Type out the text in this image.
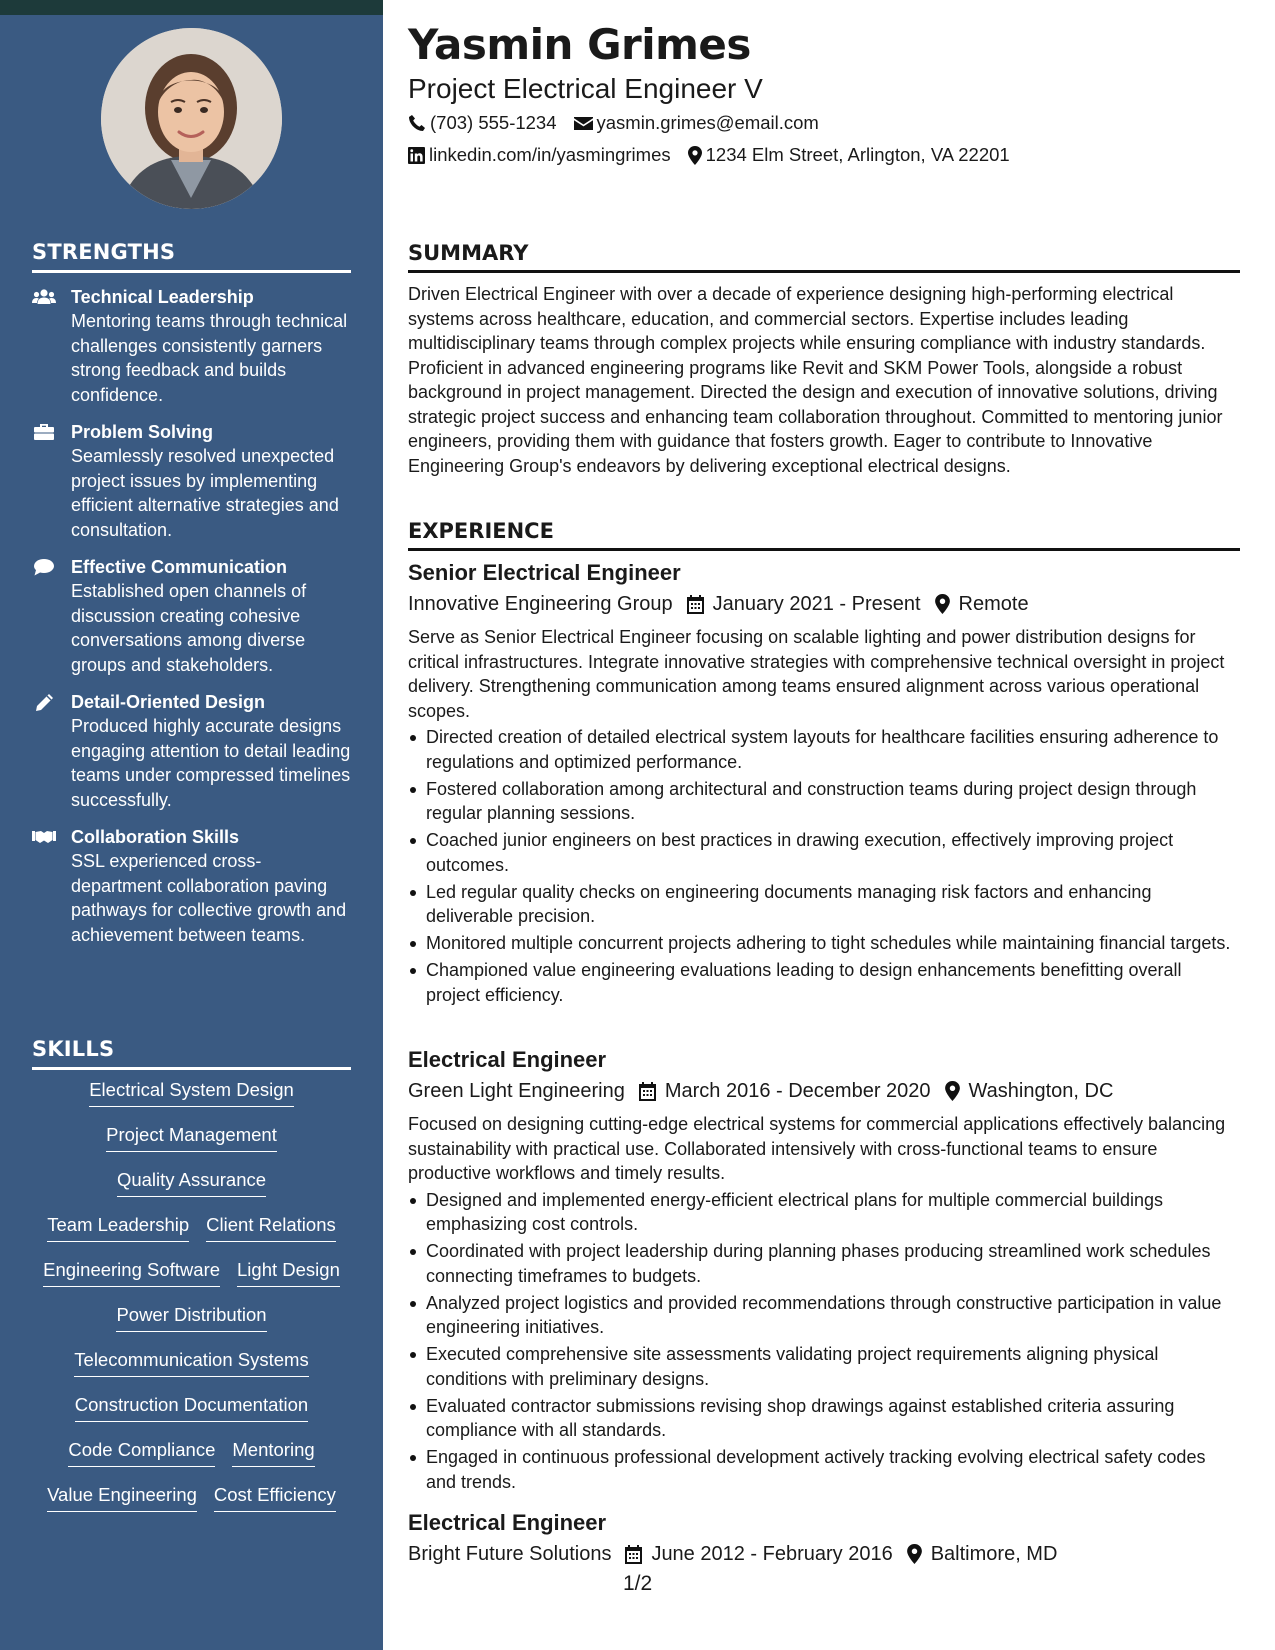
STRENGTHS
Technical Leadership
Mentoring teams through technical challenges consistently garners strong feedback and builds confidence.
Problem Solving
Seamlessly resolved unexpected project issues by implementing efficient alternative strategies and consultation.
Effective Communication
Established open channels of discussion creating cohesive conversations among diverse groups and stakeholders.
Detail-Oriented Design
Produced highly accurate designs engaging attention to detail leading teams under compressed timelines successfully.
Collaboration Skills
SSL experienced cross-department collaboration paving pathways for collective growth and achievement between teams.
SKILLS
Electrical System Design
Project Management
Quality Assurance
Team Leadership Client Relations
Engineering Software Light Design
Power Distribution
Telecommunication Systems
Construction Documentation
Code Compliance Mentoring
Value Engineering Cost Efficiency
Yasmin Grimes
Project Electrical Engineer V
(703) 555-1234 yasmin.grimes@email.com
linkedin.com/in/yasmingrimes 1234 Elm Street, Arlington, VA 22201
SUMMARY
Driven Electrical Engineer with over a decade of experience designing high-performing electrical systems across healthcare, education, and commercial sectors. Expertise includes leading multidisciplinary teams through complex projects while ensuring compliance with industry standards. Proficient in advanced engineering programs like Revit and SKM Power Tools, alongside a robust background in project management. Directed the design and execution of innovative solutions, driving strategic project success and enhancing team collaboration throughout. Committed to mentoring junior engineers, providing them with guidance that fosters growth. Eager to contribute to Innovative Engineering Group's endeavors by delivering exceptional electrical designs.
EXPERIENCE
Senior Electrical Engineer
Innovative Engineering Group January 2021 - Present Remote
Serve as Senior Electrical Engineer focusing on scalable lighting and power distribution designs for critical infrastructures. Integrate innovative strategies with comprehensive technical oversight in project delivery. Strengthening communication among teams ensured alignment across various operational scopes.
Directed creation of detailed electrical system layouts for healthcare facilities ensuring adherence to regulations and optimized performance.
Fostered collaboration among architectural and construction teams during project design through regular planning sessions.
Coached junior engineers on best practices in drawing execution, effectively improving project outcomes.
Led regular quality checks on engineering documents managing risk factors and enhancing deliverable precision.
Monitored multiple concurrent projects adhering to tight schedules while maintaining financial targets.
Championed value engineering evaluations leading to design enhancements benefitting overall project efficiency.
Electrical Engineer
Green Light Engineering March 2016 - December 2020 Washington, DC
Focused on designing cutting-edge electrical systems for commercial applications effectively balancing sustainability with practical use. Collaborated intensively with cross-functional teams to ensure productive workflows and timely results.
Designed and implemented energy-efficient electrical plans for multiple commercial buildings emphasizing cost controls.
Coordinated with project leadership during planning phases producing streamlined work schedules connecting timeframes to budgets.
Analyzed project logistics and provided recommendations through constructive participation in value engineering initiatives.
Executed comprehensive site assessments validating project requirements aligning physical conditions with preliminary designs.
Evaluated contractor submissions revising shop drawings against established criteria assuring compliance with all standards.
Engaged in continuous professional development actively tracking evolving electrical safety codes and trends.
Electrical Engineer
Bright Future Solutions June 2012 - February 2016 Baltimore, MD
1/2
